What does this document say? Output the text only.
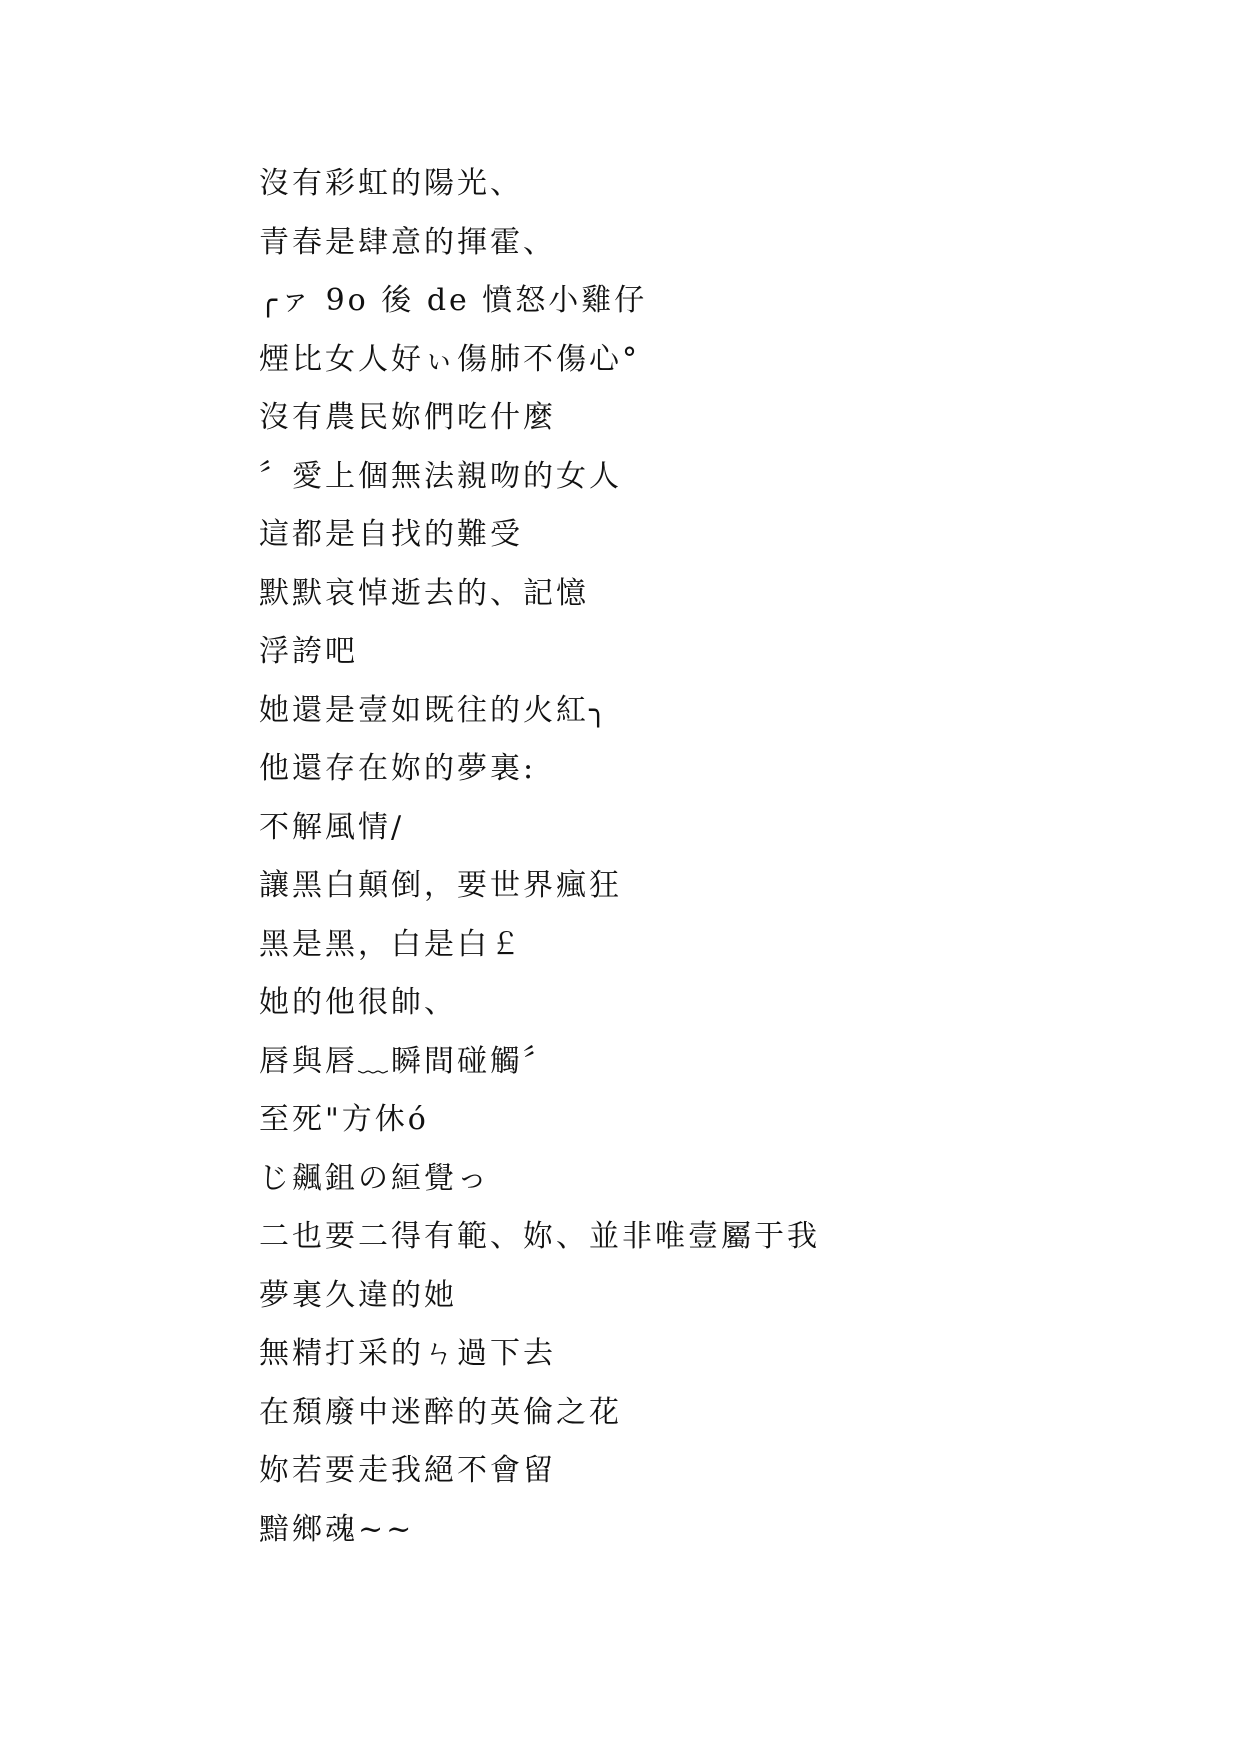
沒有彩虹的陽光、
青春是肆意的揮霍、
╭ァ 9o 後 de 憤怒小雞仔
煙比女人好ぃ傷肺不傷心°
沒有農民妳們吃什麼
〞愛上個無法親吻的女人
這都是自找的難受
默默哀悼逝去的、記憶
浮誇吧
她還是壹如既往的火紅╮
他還存在妳的夢裏:
不解風情/
讓黑白顛倒，要世界瘋狂
黑是黑，白是白￡
她的他很帥、
唇與唇﹏瞬間碰觸〞
至死"方休ó
じ飆鉏の絙覺っ
二也要二得有範、妳、並非唯壹屬于我
夢裏久違的她
無精打采的ㄣ過下去
在頹廢中迷醉的英倫之花
妳若要走我絕不會留
黯鄉魂~~
